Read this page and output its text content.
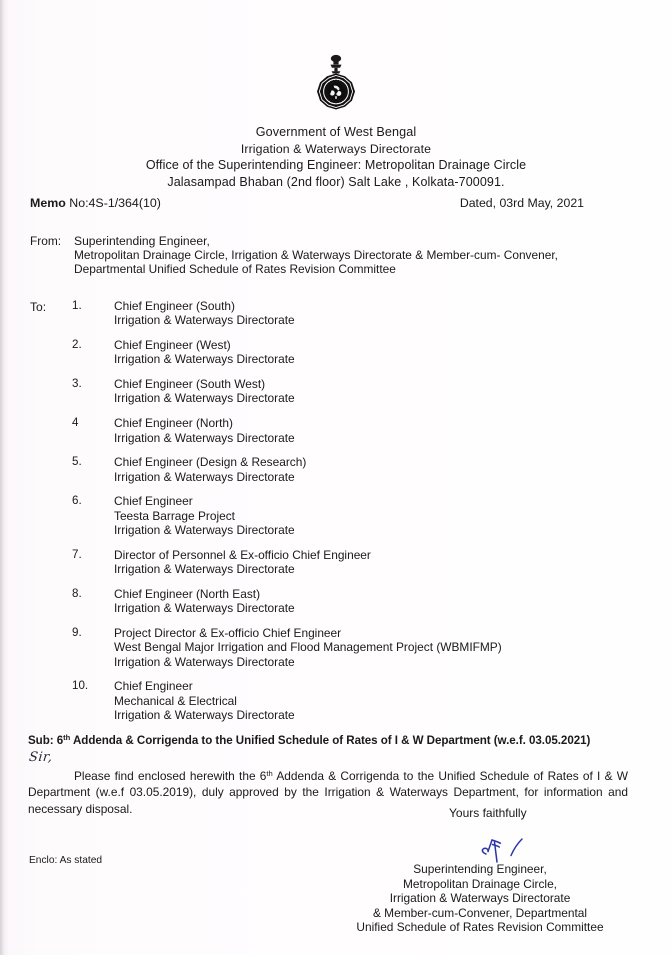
Government of West Bengal
Irrigation & Waterways Directorate
Office of the Superintending Engineer: Metropolitan Drainage Circle
Jalasampad Bhaban (2nd floor) Salt Lake , Kolkata-700091.
Memo No:4S-1/364(10)	Dated, 03rd May, 2021
From:	Superintending Engineer,
Metropolitan Drainage Circle, Irrigation & Waterways Directorate & Member-cum- Convener,
Departmental Unified Schedule of Rates Revision Committee
To:	1.	Chief Engineer (South)
Irrigation & Waterways Directorate
2.	Chief Engineer (West)
Irrigation & Waterways Directorate
3.	Chief Engineer (South West)
Irrigation & Waterways Directorate
4	Chief Engineer (North)
Irrigation & Waterways Directorate
5.	Chief Engineer (Design & Research)
Irrigation & Waterways Directorate
6.	Chief Engineer
Teesta Barrage Project
Irrigation & Waterways Directorate
7.	Director of Personnel & Ex-officio Chief Engineer
Irrigation & Waterways Directorate
8.	Chief Engineer (North East)
Irrigation & Waterways Directorate
9.	Project Director & Ex-officio Chief Engineer
West Bengal Major Irrigation and Flood Management Project (WBMIFMP)
Irrigation & Waterways Directorate
10.	Chief Engineer
Mechanical & Electrical
Irrigation & Waterways Directorate
Sub: 6th Addenda & Corrigenda to the Unified Schedule of Rates of I & W Department (w.e.f. 03.05.2021)
Sir,
Please find enclosed herewith the 6th Addenda & Corrigenda to the Unified Schedule of Rates of I & W Department (w.e.f 03.05.2019), duly approved by the Irrigation & Waterways Department, for information and necessary disposal.	Yours faithfully
Enclo: As stated
Superintending Engineer,
Metropolitan Drainage Circle,
Irrigation & Waterways Directorate
& Member-cum-Convener, Departmental
Unified Schedule of Rates Revision Committee
